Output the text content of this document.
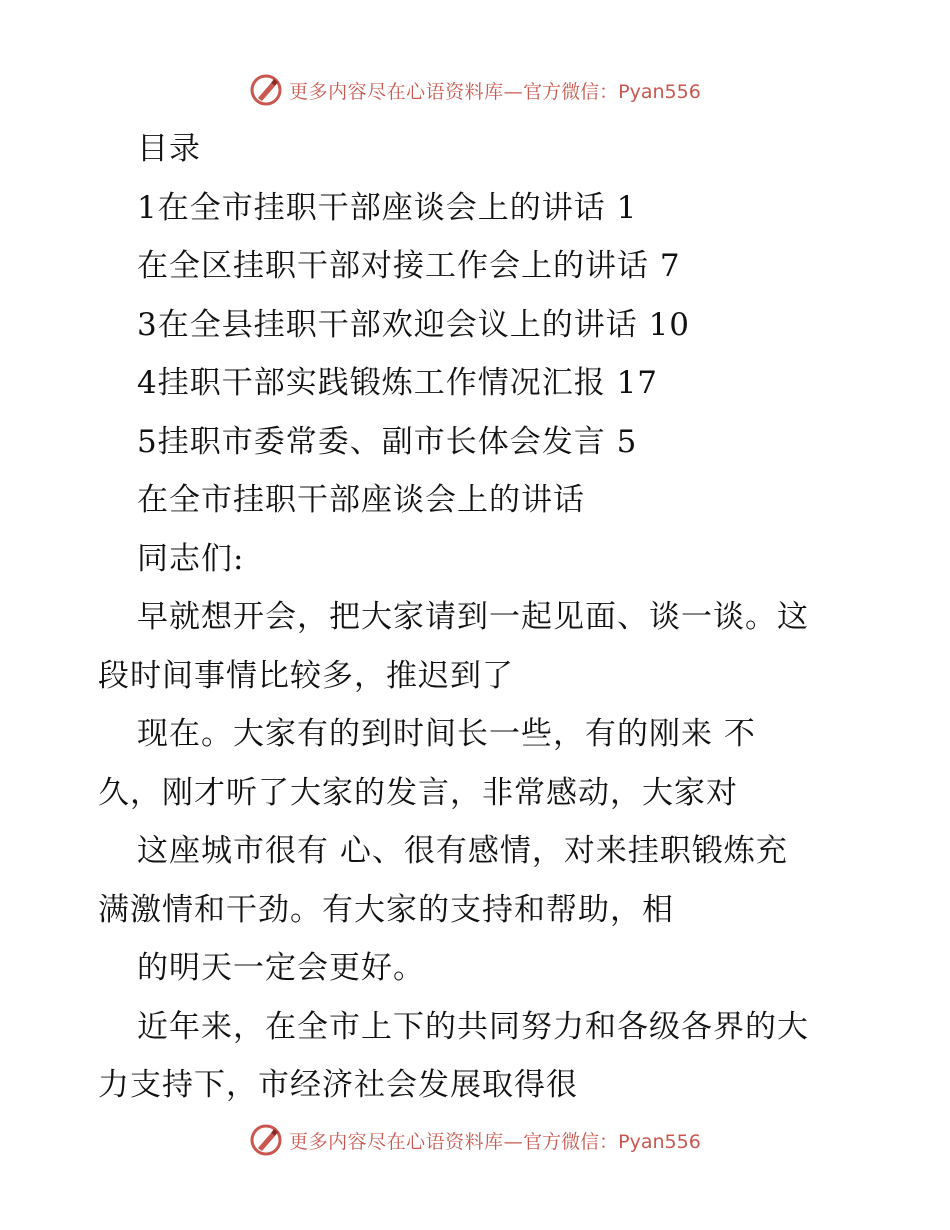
更多内容尽在心语资料库— 官方微信：Pyan556
目录
1在全市挂职干部座谈会上的讲话 1
在全区挂职干部对接工作会上的讲话 7
3在全县挂职干部欢迎会议上的讲话 10
4挂职干部实践锻炼工作情况汇报 17
5挂职市委常委、副市长体会发言 5
在全市挂职干部座谈会上的讲话
同志们:
早就想开会，把大家请到一起见面、谈一谈。这
段时间事情比较多，推迟到了
现在。大家有的到时间长一些，有的刚来 不
久，刚才听了大家的发言，非常感动，大家对
这座城市很有 心、很有感情，对来挂职锻炼充
满激情和干劲。有大家的支持和帮助，相
的明天一定会更好。
近年来，在全市上下的共同努力和各级各界的大
力支持下，市经济社会发展取得很
更多内容尽在心语资料库— 官方微信：Pyan556
